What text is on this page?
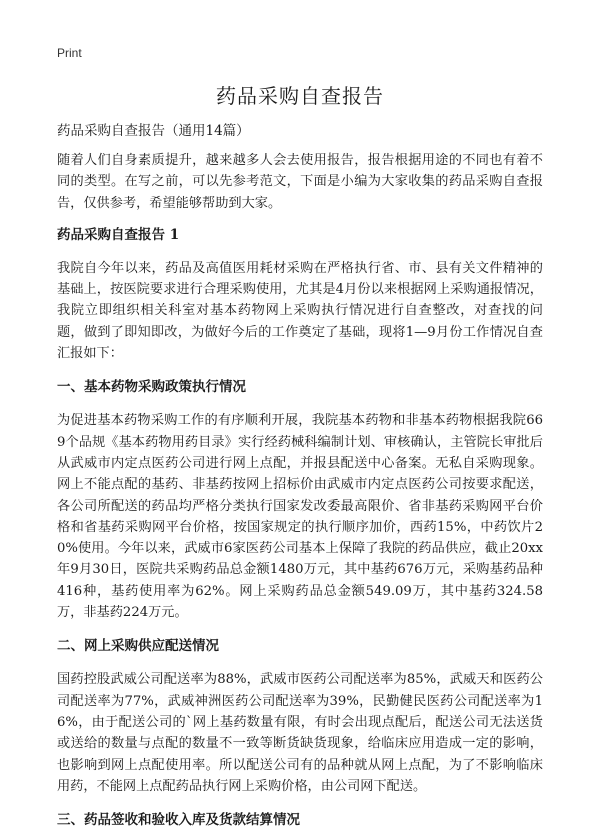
Print
药品采购自查报告

药品采购自查报告（通用14篇）

随着人们自身素质提升，越来越多人会去使用报告，报告根据用途的不同也有着不同的类型。在写之前，可以先参考范文，下面是小编为大家收集的药品采购自查报告，仅供参考，希望能够帮助到大家。

药品采购自查报告 1

我院自今年以来，药品及高值医用耗材采购在严格执行省、市、县有关文件精神的基础上，按医院要求进行合理采购使用，尤其是4月份以来根据网上采购通报情况，我院立即组织相关科室对基本药物网上采购执行情况进行自查整改，对查找的问题，做到了即知即改，为做好今后的工作奠定了基础，现将1—9月份工作情况自查汇报如下：

一、基本药物采购政策执行情况

为促进基本药物采购工作的有序顺利开展，我院基本药物和非基本药物根据我院669个品规《基本药物用药目录》实行经药械科编制计划、审核确认，主管院长审批后从武威市内定点医药公司进行网上点配，并报县配送中心备案。无私自采购现象。网上不能点配的基药、非基药按网上招标价由武威市内定点医药公司按要求配送，各公司所配送的药品均严格分类执行国家发改委最高限价、省非基药采购网平台价格和省基药采购网平台价格，按国家规定的执行顺序加价，西药15%，中药饮片20%使用。今年以来，武威市6家医药公司基本上保障了我院的药品供应，截止20xx年9月30日，医院共采购药品总金额1480万元，其中基药676万元，采购基药品种416种，基药使用率为62%。网上采购药品总金额549.09万，其中基药324.58万，非基药224万元。

二、网上采购供应配送情况

国药控股武威公司配送率为88%，武威市医药公司配送率为85%，武威天和医药公司配送率为77%，武威神洲医药公司配送率为39%，民勤健民医药公司配送率为16%，由于配送公司的`网上基药数量有限，有时会出现点配后，配送公司无法送货或送给的数量与点配的数量不一致等断货缺货现象，给临床应用造成一定的影响，也影响到网上点配使用率。所以配送公司有的品种就从网上点配，为了不影响临床用药，不能网上点配药品执行网上采购价格，由公司网下配送。

三、药品签收和验收入库及货款结算情况
